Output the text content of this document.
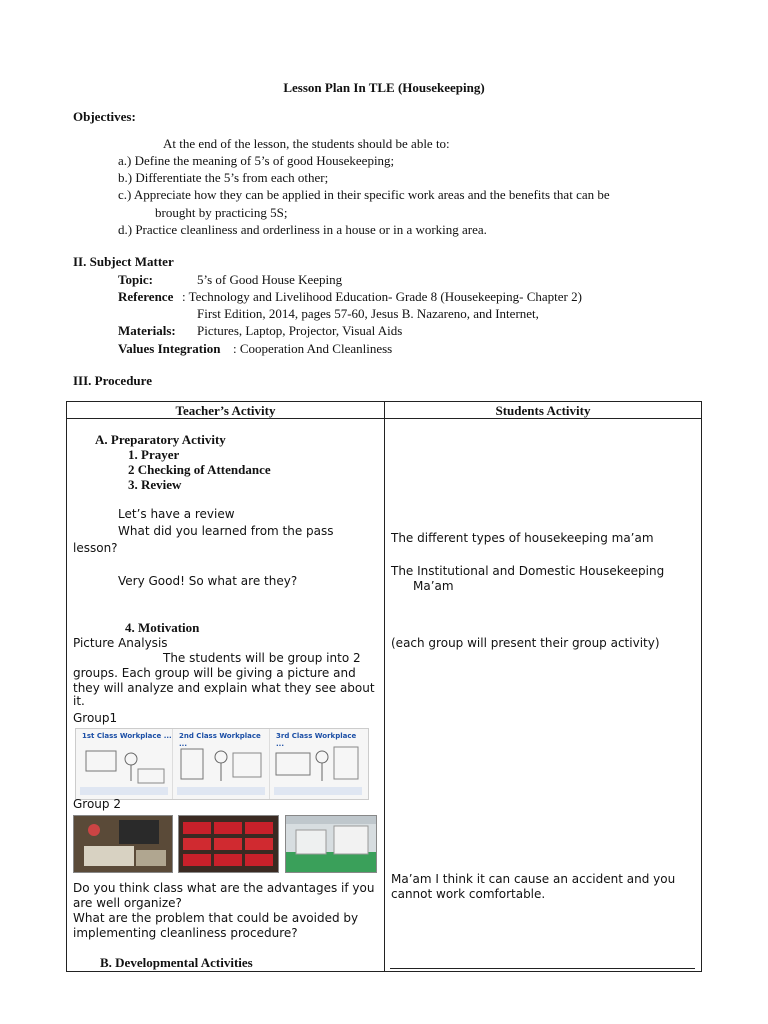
Lesson Plan In TLE (Housekeeping)
Objectives:
At the end of the lesson, the students should be able to:
a.) Define the meaning of 5’s of good Housekeeping;
b.) Differentiate the 5’s from each other;
c.) Appreciate how they can be applied in their specific work areas and the benefits that can be
brought by practicing 5S;
d.) Practice cleanliness and orderliness in a house or in a working area.
II. Subject Matter
Topic:	5’s of Good House Keeping
Reference : Technology and Livelihood Education- Grade 8 (Housekeeping- Chapter 2)
First Edition, 2014, pages 57-60, Jesus B. Nazareno, and Internet,
Materials: Pictures, Laptop, Projector, Visual Aids
Values Integration : Cooperation And Cleanliness
III. Procedure
Teacher’s Activity	Students Activity
A. Preparatory Activity
1. Prayer
2 Checking of Attendance
3. Review
Let’s have a review
What did you learned from the pass
lesson?
Very Good! So what are they?
4. Motivation
Picture Analysis
The students will be group into 2
groups. Each group will be giving a picture and
they will analyze and explain what they see about
it.
Group1
1st Class Workplace ... 2nd Class Workplace ...
3rd Class Workplace ...
Group 2
Do you think class what are the advantages if you
are well organize?
What are the problem that could be avoided by
implementing cleanliness procedure?
B. Developmental Activities
The different types of housekeeping ma’am
The Institutional and Domestic Housekeeping
Ma’am
(each group will present their group activity)
Ma’am I think it can cause an accident and you
cannot work comfortable.
